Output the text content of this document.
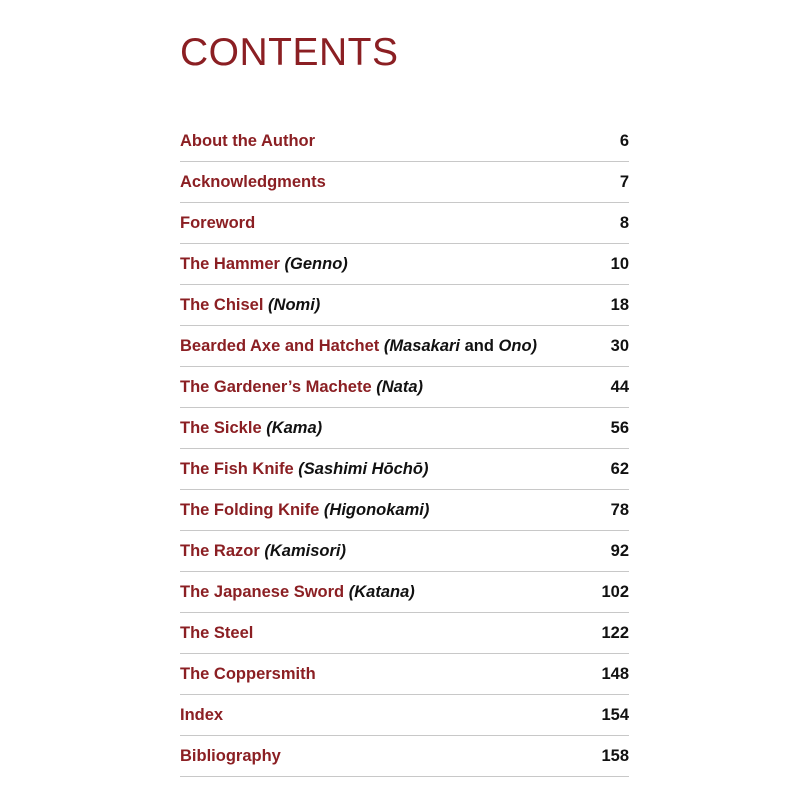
CONTENTS
About the Author	6
Acknowledgments	7
Foreword	8
The Hammer (Genno)	10
The Chisel (Nomi)	18
Bearded Axe and Hatchet (Masakari and Ono)	30
The Gardener’s Machete (Nata)	44
The Sickle (Kama)	56
The Fish Knife (Sashimi Hōchō)	62
The Folding Knife (Higonokami)	78
The Razor (Kamisori)	92
The Japanese Sword (Katana)	102
The Steel	122
The Coppersmith	148
Index	154
Bibliography	158
